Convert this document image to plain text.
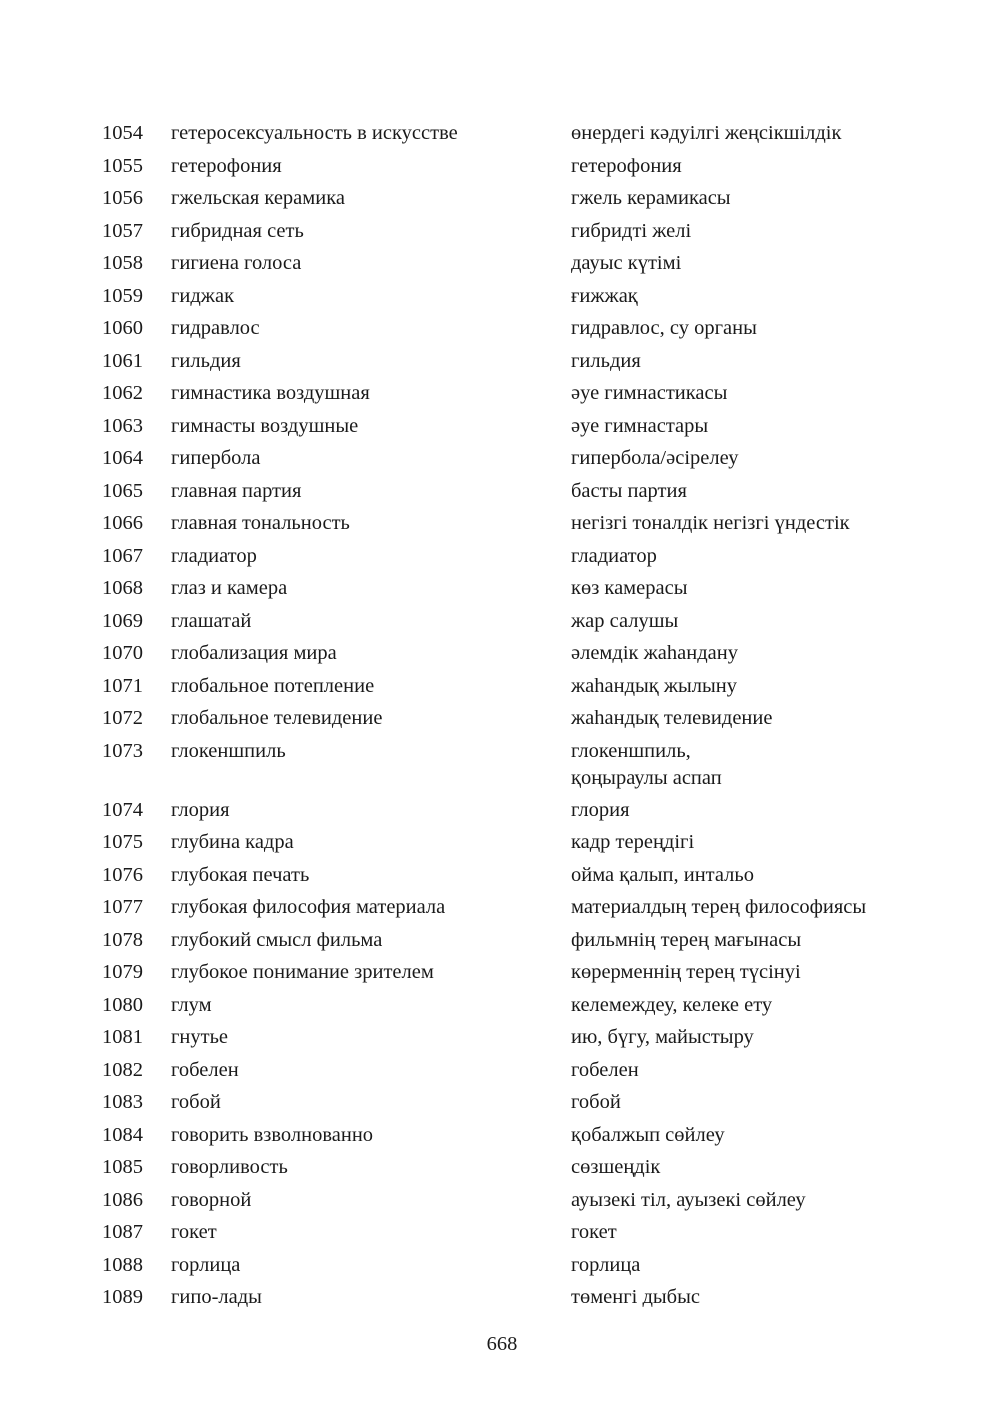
1054 гетеросексуальность в искусстве	өнердегі кәдуілгі жеңсікшілдік
1055 гетерофония	гетерофония
1056 гжельская керамика	гжель керамикасы
1057 гибридная сеть	гибридті желі
1058 гигиена голоса	дауыс күтімі
1059 гиджак	ғижжақ
1060 гидравлос	гидравлос, су органы
1061 гильдия	гильдия
1062 гимнастика воздушная	әуе гимнастикасы
1063 гимнасты воздушные	әуе гимнастары
1064 гипербола	гипербола/әсірелеу
1065 главная партия	басты партия
1066 главная тональность	негізгі тоналдік негізгі үндестік
1067 гладиатор	гладиатор
1068 глаз и камера	көз камерасы
1069 глашатай	жар салушы
1070 глобализация мира	әлемдік жаһандану
1071 глобальное потепление	жаһандық жылыну
1072 глобальное телевидение	жаһандық телевидение
1073 глокеншпиль	глокеншпиль, қоңыраулы аспап
1074 глория	глория
1075 глубина кадра	кадр тереңдігі
1076 глубокая печать	ойма қалып, интальо
1077 глубокая философия материала	материалдың терең философиясы
1078 глубокий смысл фильма	фильмнің терең мағынасы
1079 глубокое понимание зрителем	көрерменнің терең түсінуі
1080 глум	келемеждеу, келеке ету
1081 гнутье	ию, бүгу, майыстыру
1082 гобелен	гобелен
1083 гобой	гобой
1084 говорить взволнованно	қобалжып сөйлеу
1085 говорливость	сөзшеңдік
1086 говорной	ауызекі тіл, ауызекі сөйлеу
1087 гокет	гокет
1088 горлица	горлица
1089 гипо-лады	төменгі дыбыс
668
